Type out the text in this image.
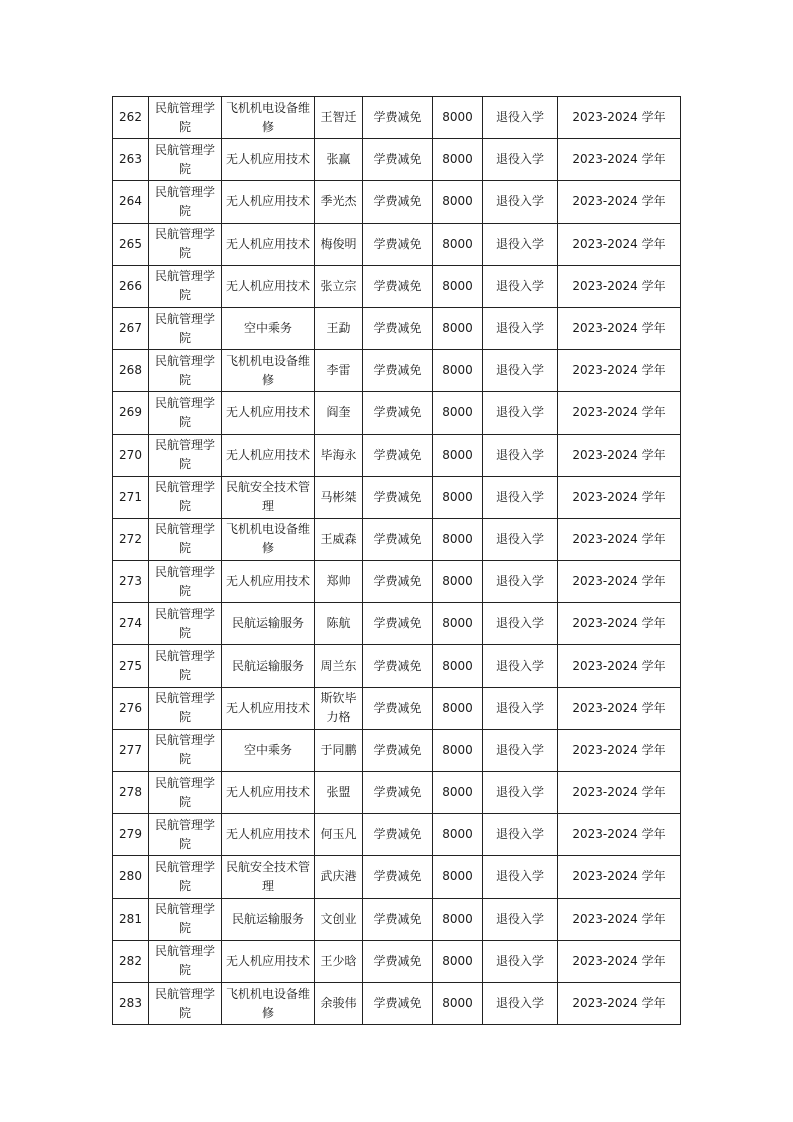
262	民航管理学院	飞机机电设备维修	王智迁	学费减免	8000	退役入学	2023-2024 学年
263	民航管理学院	无人机应用技术	张赢	学费减免	8000	退役入学	2023-2024 学年
264	民航管理学院	无人机应用技术	季光杰	学费减免	8000	退役入学	2023-2024 学年
265	民航管理学院	无人机应用技术	梅俊明	学费减免	8000	退役入学	2023-2024 学年
266	民航管理学院	无人机应用技术	张立宗	学费减免	8000	退役入学	2023-2024 学年
267	民航管理学院	空中乘务	王勐	学费减免	8000	退役入学	2023-2024 学年
268	民航管理学院	飞机机电设备维修	李雷	学费减免	8000	退役入学	2023-2024 学年
269	民航管理学院	无人机应用技术	阎奎	学费减免	8000	退役入学	2023-2024 学年
270	民航管理学院	无人机应用技术	毕海永	学费减免	8000	退役入学	2023-2024 学年
271	民航管理学院	民航安全技术管理	马彬桀	学费减免	8000	退役入学	2023-2024 学年
272	民航管理学院	飞机机电设备维修	王威森	学费减免	8000	退役入学	2023-2024 学年
273	民航管理学院	无人机应用技术	郑帅	学费减免	8000	退役入学	2023-2024 学年
274	民航管理学院	民航运输服务	陈航	学费减免	8000	退役入学	2023-2024 学年
275	民航管理学院	民航运输服务	周兰东	学费减免	8000	退役入学	2023-2024 学年
276	民航管理学院	无人机应用技术	斯钦毕力格	学费减免	8000	退役入学	2023-2024 学年
277	民航管理学院	空中乘务	于同鹏	学费减免	8000	退役入学	2023-2024 学年
278	民航管理学院	无人机应用技术	张盟	学费减免	8000	退役入学	2023-2024 学年
279	民航管理学院	无人机应用技术	何玉凡	学费减免	8000	退役入学	2023-2024 学年
280	民航管理学院	民航安全技术管理	武庆港	学费减免	8000	退役入学	2023-2024 学年
281	民航管理学院	民航运输服务	文创业	学费减免	8000	退役入学	2023-2024 学年
282	民航管理学院	无人机应用技术	王少晗	学费减免	8000	退役入学	2023-2024 学年
283	民航管理学院	飞机机电设备维修	余骏伟	学费减免	8000	退役入学	2023-2024 学年
